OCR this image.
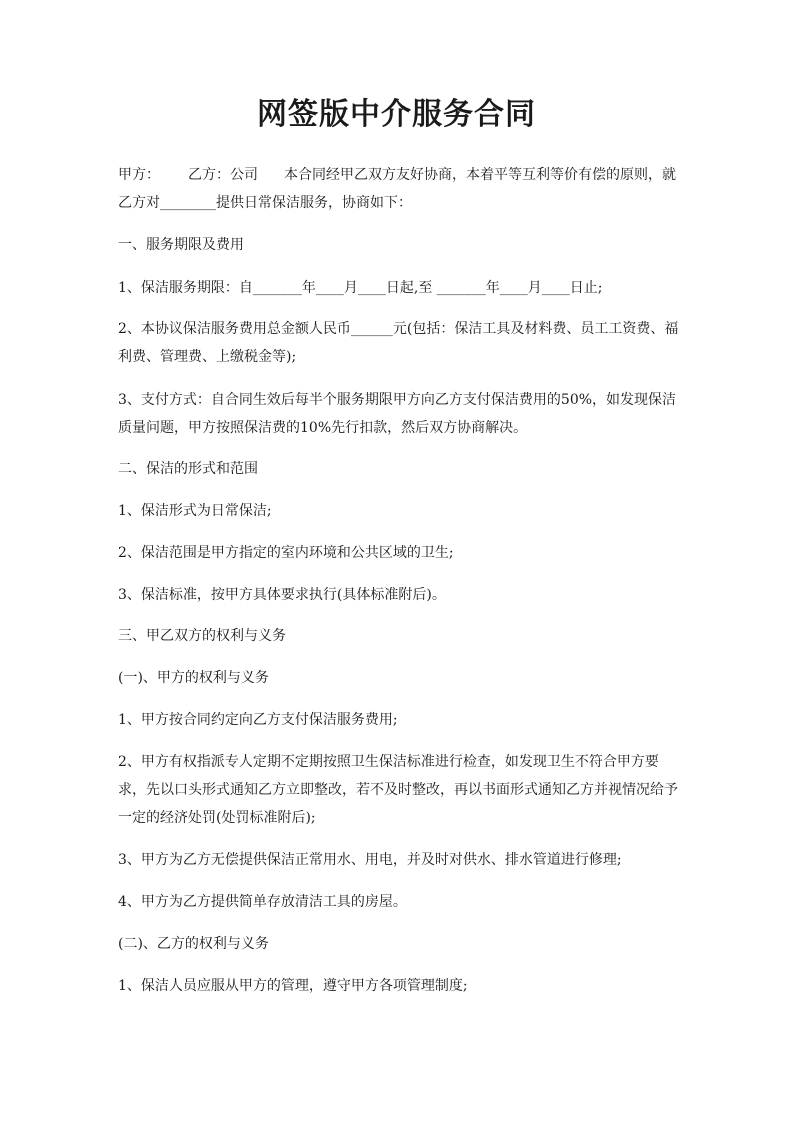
网签版中介服务合同

甲方： 乙方：公司 本合同经甲乙双方友好协商，本着平等互利等价有偿的原则，就乙方对________提供日常保洁服务，协商如下：

一、服务期限及费用

1、保洁服务期限：自_______年____月____日起,至 _______年____月____日止;

2、本协议保洁服务费用总金额人民币______元(包括：保洁工具及材料费、员工工资费、福利费、管理费、上缴税金等);

3、支付方式：自合同生效后每半个服务期限甲方向乙方支付保洁费用的50%，如发现保洁质量问题，甲方按照保洁费的10%先行扣款，然后双方协商解决。

二、保洁的形式和范围

1、保洁形式为日常保洁;

2、保洁范围是甲方指定的室内环境和公共区域的卫生;

3、保洁标准，按甲方具体要求执行(具体标准附后)。

三、甲乙双方的权利与义务

(一)、甲方的权利与义务

1、甲方按合同约定向乙方支付保洁服务费用;

2、甲方有权指派专人定期不定期按照卫生保洁标准进行检查，如发现卫生不符合甲方要求，先以口头形式通知乙方立即整改，若不及时整改，再以书面形式通知乙方并视情况给予一定的经济处罚(处罚标准附后);

3、甲方为乙方无偿提供保洁正常用水、用电，并及时对供水、排水管道进行修理;

4、甲方为乙方提供简单存放清洁工具的房屋。

(二)、乙方的权利与义务

1、保洁人员应服从甲方的管理，遵守甲方各项管理制度;
